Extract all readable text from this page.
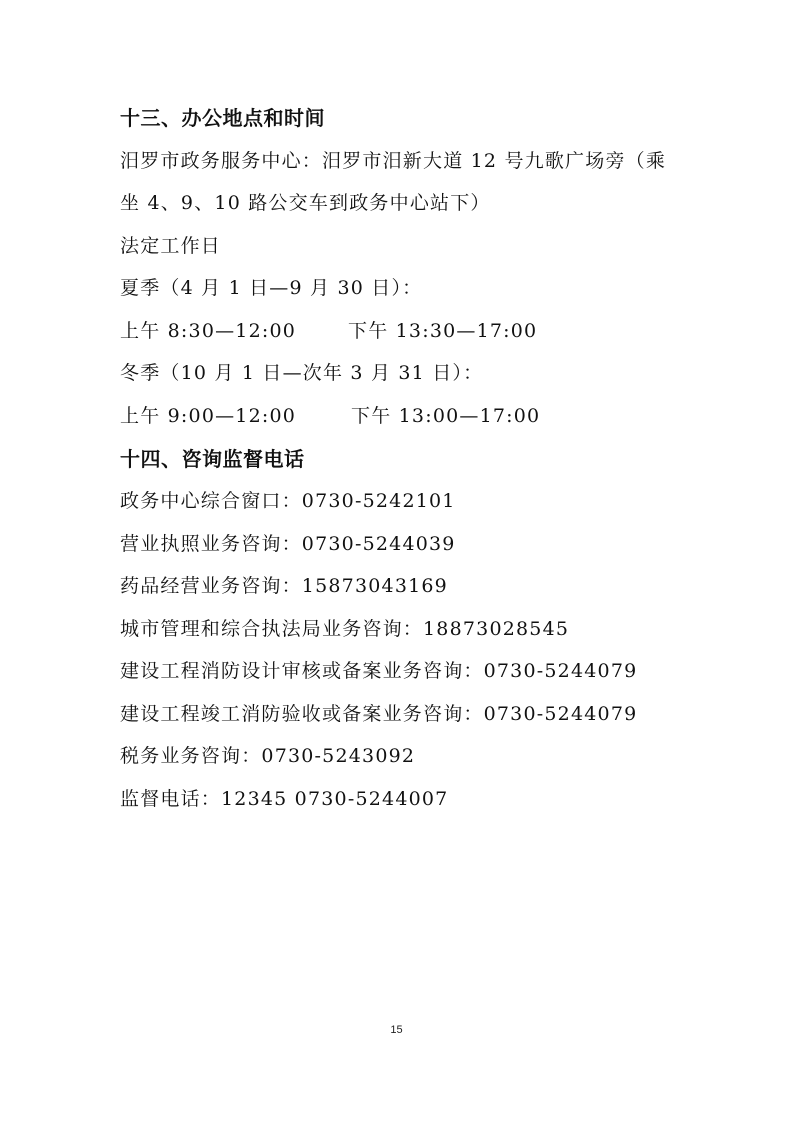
十三、办公地点和时间
汨罗市政务服务中心：汨罗市汨新大道 12 号九歌广场旁（乘
坐 4、9、10 路公交车到政务中心站下）
法定工作日
夏季（4 月 1 日—9 月 30 日）：
上午 8:30—12:00	下午 13:30—17:00
冬季（10 月 1 日—次年 3 月 31 日）：
上午 9:00—12:00	下午 13:00—17:00
十四、咨询监督电话
政务中心综合窗口：0730-5242101
营业执照业务咨询：0730-5244039
药品经营业务咨询：15873043169
城市管理和综合执法局业务咨询：18873028545
建设工程消防设计审核或备案业务咨询：0730-5244079
建设工程竣工消防验收或备案业务咨询：0730-5244079
税务业务咨询：0730-5243092
监督电话：12345 0730-5244007
15
